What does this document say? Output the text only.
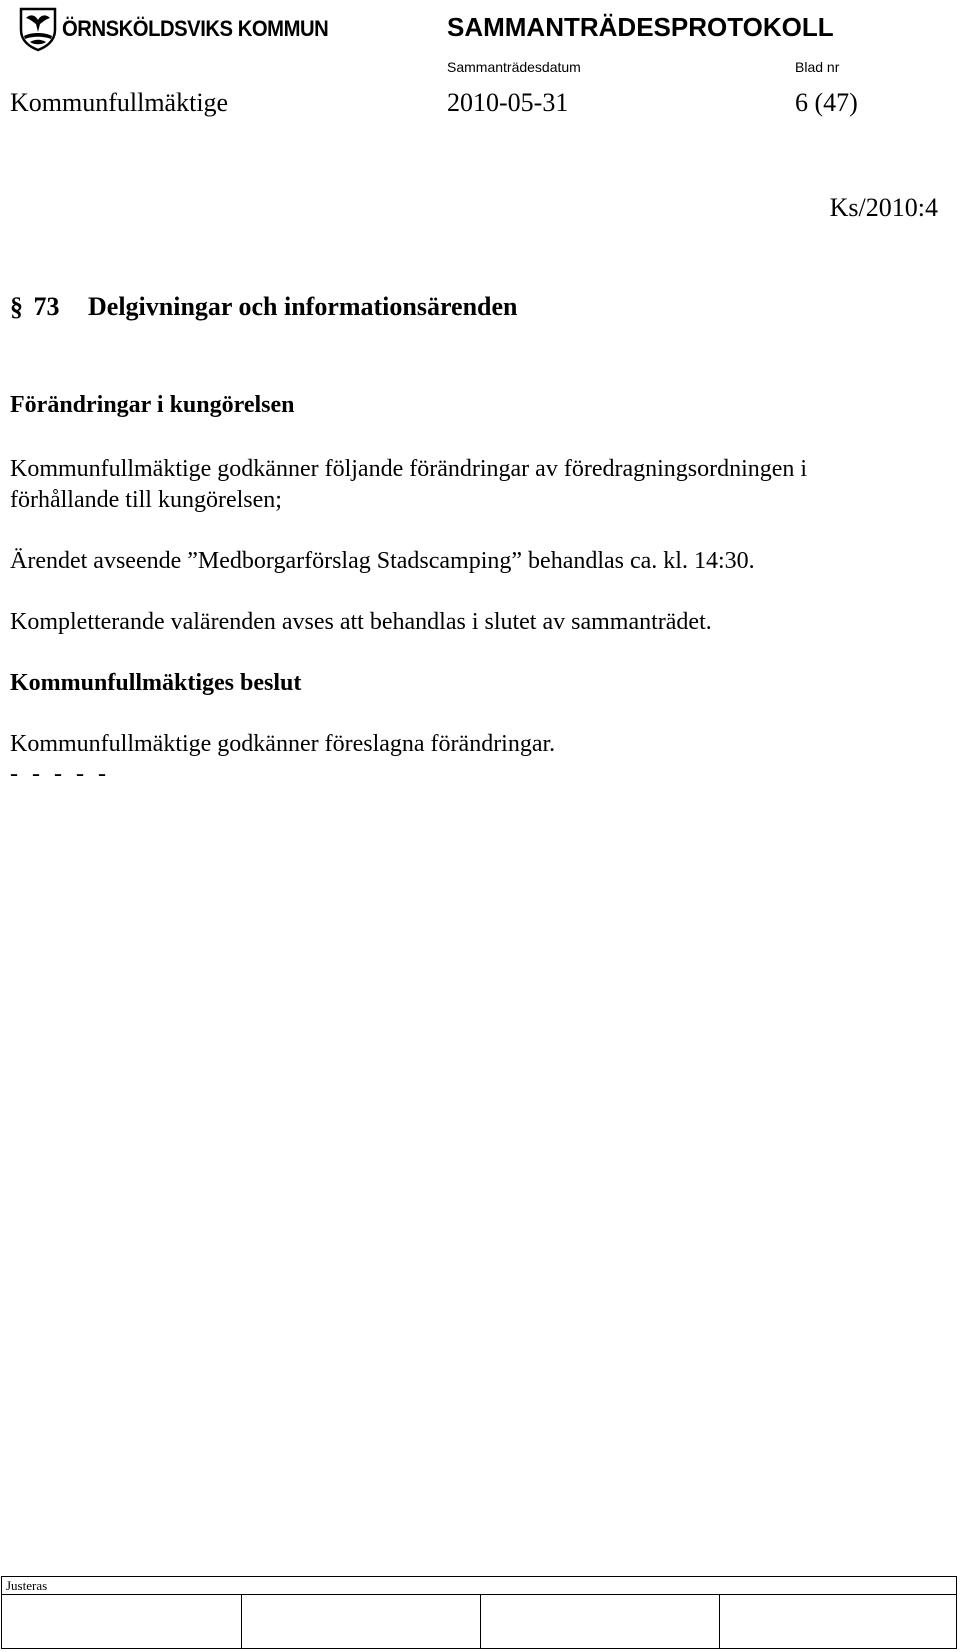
ÖRNSKÖLDSVIKS KOMMUN	SAMMANTRÄDESPROTOKOLL
Sammanträdesdatum	Blad nr
Kommunfullmäktige	2010-05-31	6 (47)
Ks/2010:4
§ 73 Delgivningar och informationsärenden
Förändringar i kungörelsen
Kommunfullmäktige godkänner följande förändringar av föredragningsordningen i
förhållande till kungörelsen;
Ärendet avseende ”Medborgarförslag Stadscamping” behandlas ca. kl. 14:30.
Kompletterande valärenden avses att behandlas i slutet av sammanträdet.
Kommunfullmäktiges beslut
Kommunfullmäktige godkänner föreslagna förändringar.
- - - - -
Justeras
